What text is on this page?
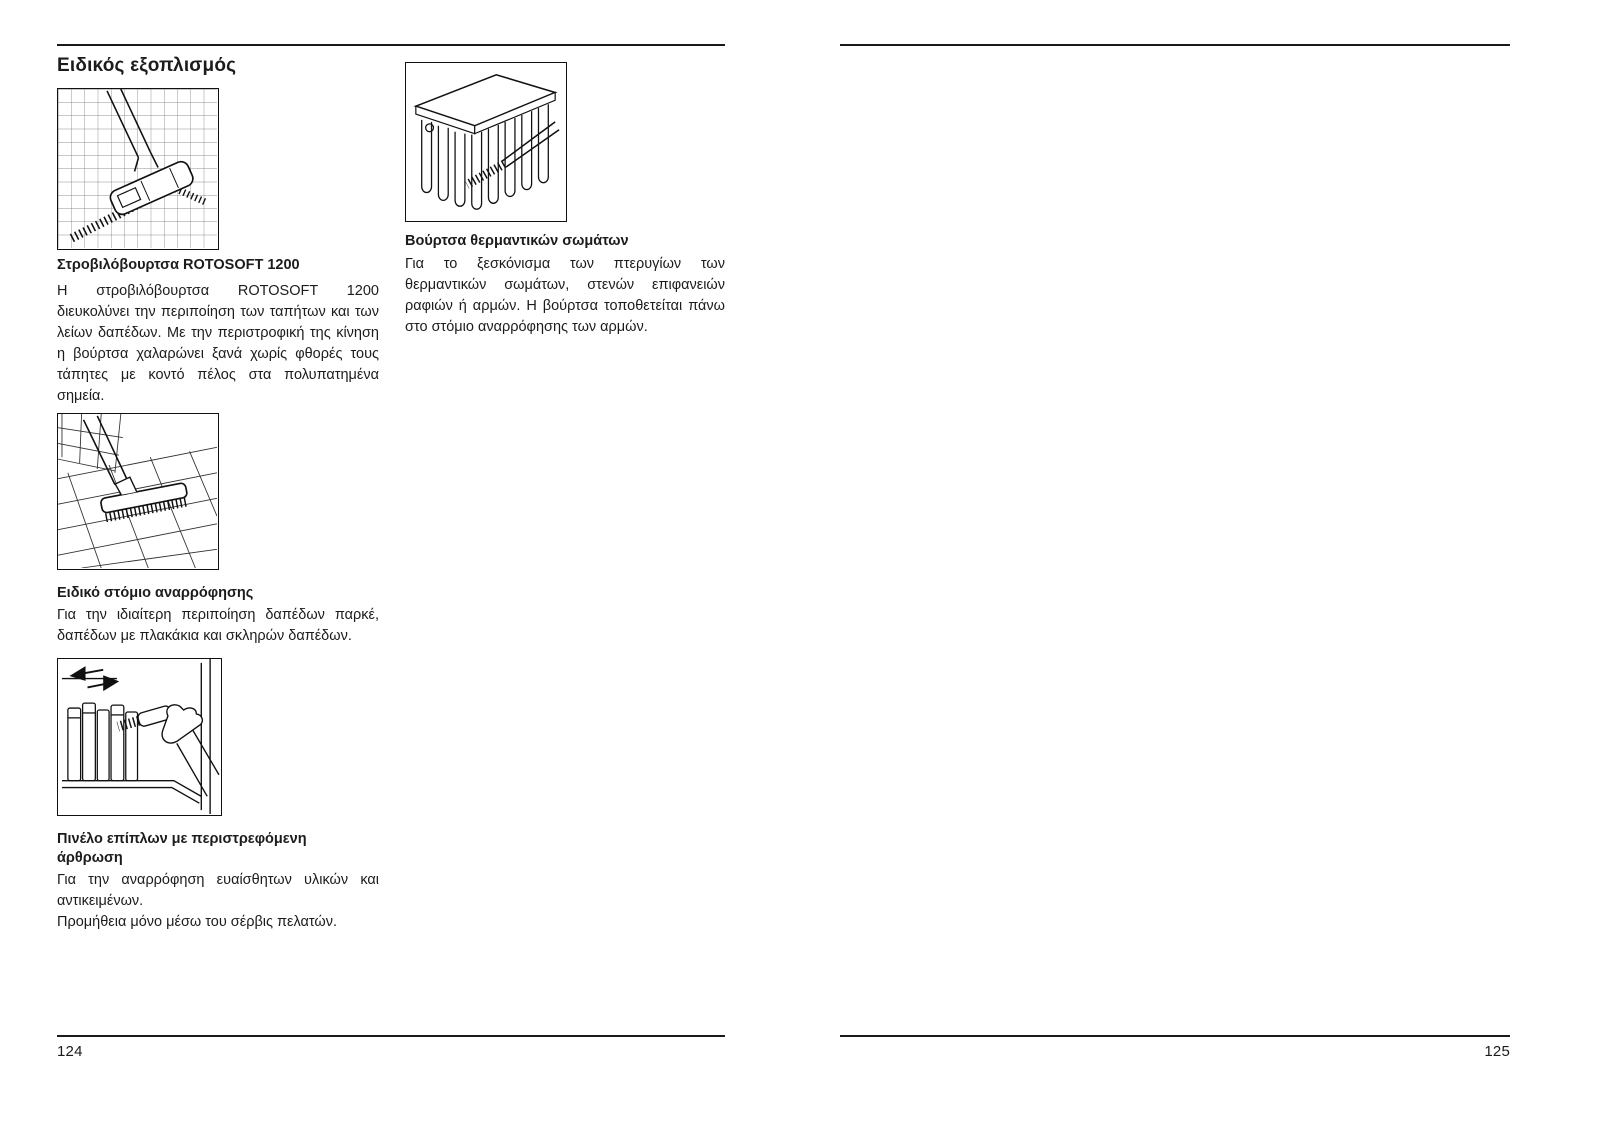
Ειδικός εξοπλισμός
Στροβιλόβουρτσα ROTOSOFT 1200

Η στροβιλόβουρτσα ROTOSOFT 1200 διευκολύνει την περιποίηση των ταπήτων και των λείων δαπέδων. Με την περιστροφική της κίνηση η βούρτσα χαλαρώνει ξανά χωρίς φθορές τους τάπητες με κοντό πέλος στα πολυπατημένα σημεία.

Ειδικό στόμιο αναρρόφησης

Για την ιδιαίτερη περιποίηση δαπέδων παρκέ, δαπέδων με πλακάκια και σκληρών δαπέδων.

Πινέλο επίπλων με περιστρεφόμενη άρθρωση

Για την αναρρόφηση ευαίσθητων υλικών και αντικειμένων.

Προμήθεια μόνο μέσω του σέρβις πελατών.

Βούρτσα θερμαντικών σωμάτων

Για το ξεσκόνισμα των πτερυγίων των θερμαντικών σωμάτων, στενών επιφανειών ραφιών ή αρμών. Η βούρτσα τοποθετείται πάνω στο στόμιο αναρρόφησης των αρμών.

124	125
